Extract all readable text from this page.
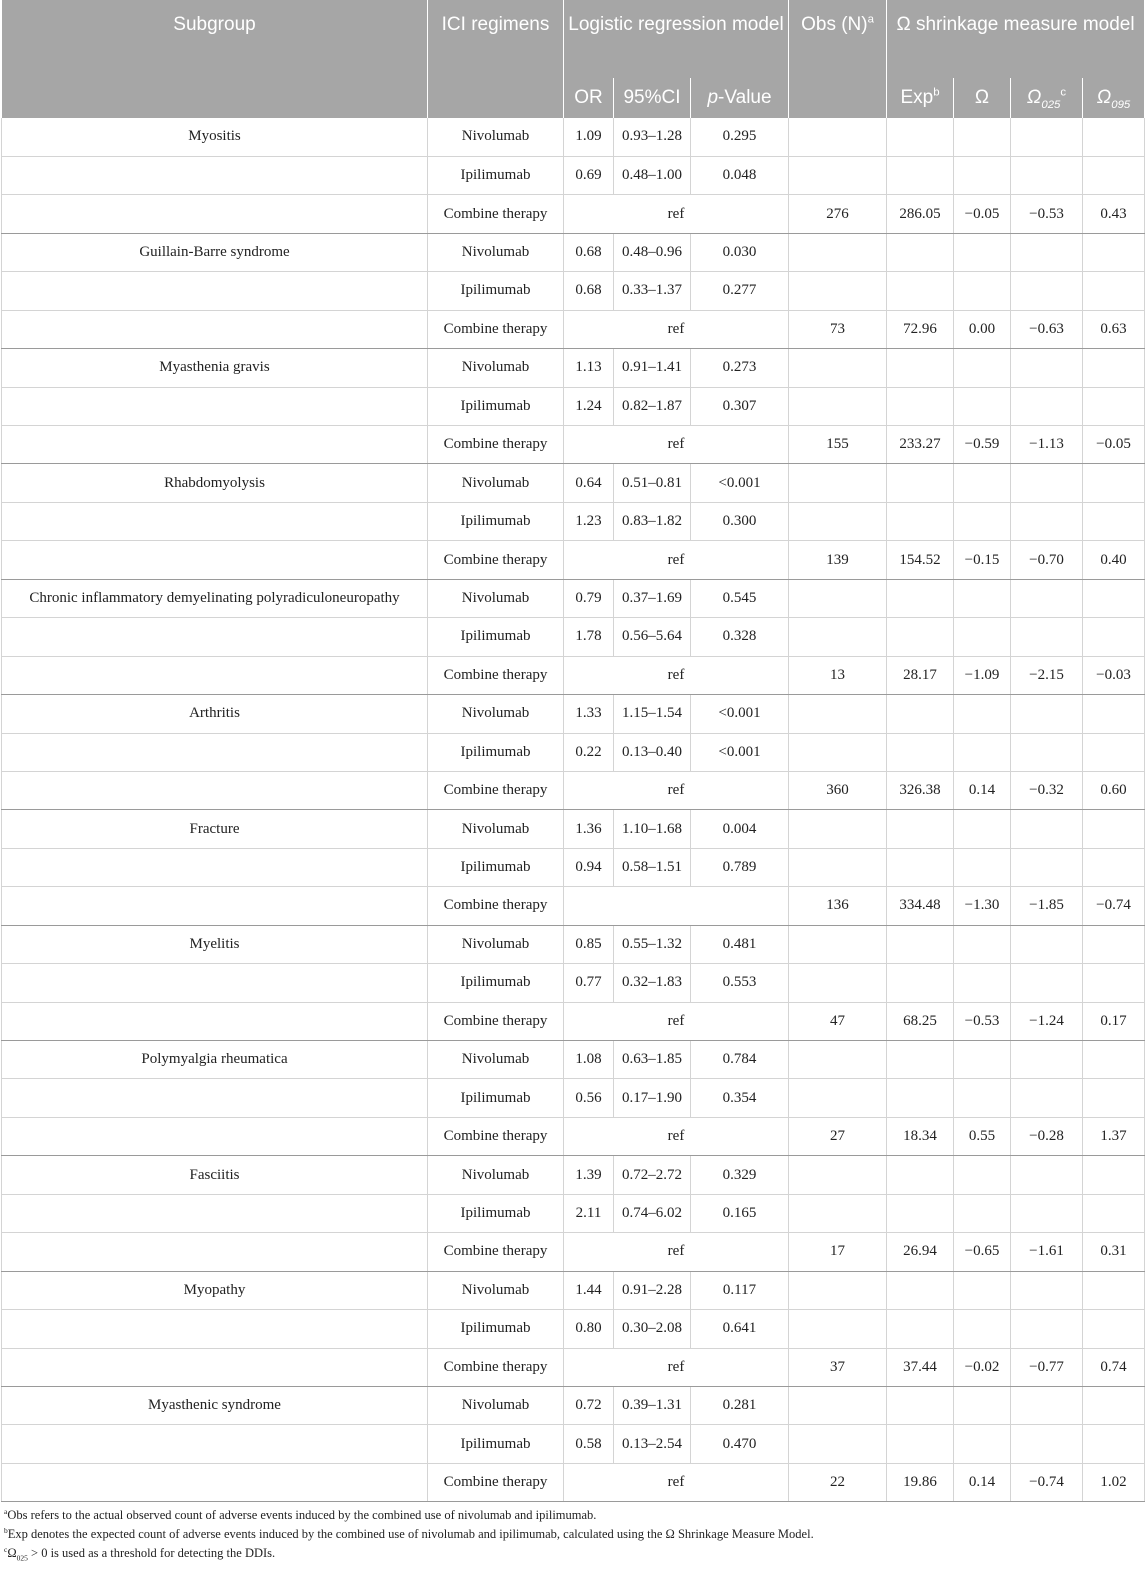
Subgroup	ICI regimens	Logistic regression model			Obs $(N)^a$	Ω shrinkage measure model			
		OR	95%CI	p-Value		Exp$^b$	Ω	$\Omega_{025}^c$	$\Omega_{095}$
Myositis	Nivolumab	1.09	0.93–1.28	0.295					
	Ipilimumab	0.69	0.48–1.00	0.048					
	Combine therapy	ref			276	286.05	−0.05	−0.53	0.43
Guillain-Barre syndrome	Nivolumab	0.68	0.48–0.96	0.030					
	Ipilimumab	0.68	0.33–1.37	0.277					
	Combine therapy	ref			73	72.96	0.00	−0.63	0.63
Myasthenia gravis	Nivolumab	1.13	0.91–1.41	0.273					
	Ipilimumab	1.24	0.82–1.87	0.307					
	Combine therapy	ref			155	233.27	−0.59	−1.13	−0.05
Rhabdomyolysis	Nivolumab	0.64	0.51–0.81	<0.001					
	Ipilimumab	1.23	0.83–1.82	0.300					
	Combine therapy	ref			139	154.52	−0.15	−0.70	0.40
Chronic inflammatory demyelinating polyradiculoneuropathy	Nivolumab	0.79	0.37–1.69	0.545					
	Ipilimumab	1.78	0.56–5.64	0.328					
	Combine therapy	ref			13	28.17	−1.09	−2.15	−0.03
Arthritis	Nivolumab	1.33	1.15–1.54	<0.001					
	Ipilimumab	0.22	0.13–0.40	<0.001					
	Combine therapy	ref			360	326.38	0.14	−0.32	0.60
Fracture	Nivolumab	1.36	1.10–1.68	0.004					
	Ipilimumab	0.94	0.58–1.51	0.789					
	Combine therapy				136	334.48	−1.30	−1.85	−0.74
Myelitis	Nivolumab	0.85	0.55–1.32	0.481					
	Ipilimumab	0.77	0.32–1.83	0.553					
	Combine therapy	ref			47	68.25	−0.53	−1.24	0.17
Polymyalgia rheumatica	Nivolumab	1.08	0.63–1.85	0.784					
	Ipilimumab	0.56	0.17–1.90	0.354					
	Combine therapy	ref			27	18.34	0.55	−0.28	1.37
Fasciitis	Nivolumab	1.39	0.72–2.72	0.329					
	Ipilimumab	2.11	0.74–6.02	0.165					
	Combine therapy	ref			17	26.94	−0.65	−1.61	0.31
Myopathy	Nivolumab	1.44	0.91–2.28	0.117					
	Ipilimumab	0.80	0.30–2.08	0.641					
	Combine therapy	ref			37	37.44	−0.02	−0.77	0.74
Myasthenic syndrome	Nivolumab	0.72	0.39–1.31	0.281					
	Ipilimumab	0.58	0.13–2.54	0.470					
	Combine therapy	ref			22	19.86	0.14	−0.74	1.02
$^a$Obs refers to the actual observed count of adverse events induced by the combined use of nivolumab and ipilimumab.
$^b$Exp denotes the expected count of adverse events induced by the combined use of nivolumab and ipilimumab, calculated using the Ω Shrinkage Measure Model.
$^c\Omega_{025} > 0$ is used as a threshold for detecting the DDIs.
